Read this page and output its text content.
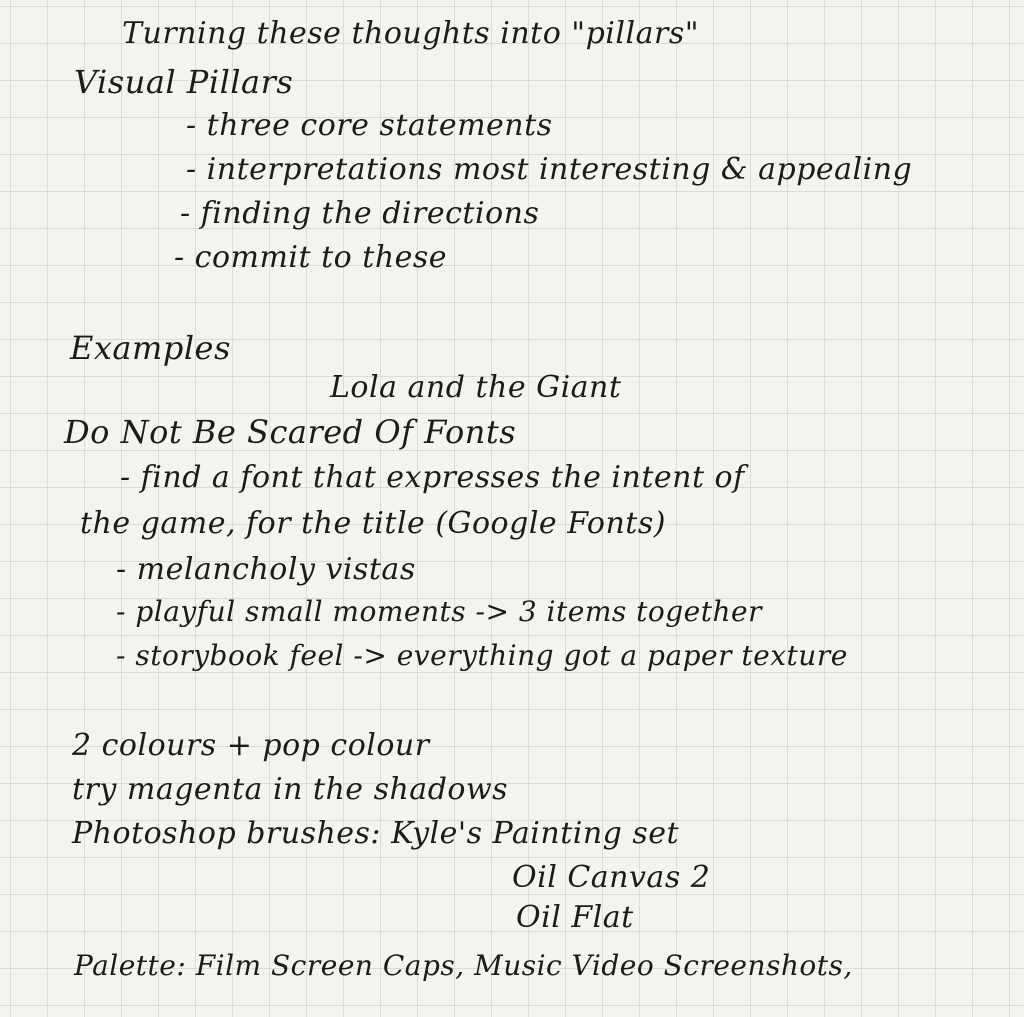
Turning these thoughts into "pillars"
Visual Pillars
- three core statements
- interpretations most interesting & appealing
- finding the directions
- commit to these
Examples
Lola and the Giant
Do Not Be Scared Of Fonts
- find a font that expresses the intent of
the game, for the title (Google Fonts)
- melancholy vistas
- playful small moments -> 3 items together
- storybook feel -> everything got a paper texture
2 colours + pop colour
try magenta in the shadows
Photoshop brushes: Kyle's Painting set
Oil Canvas 2
Oil Flat
Palette: Film Screen Caps, Music Video Screenshots,
